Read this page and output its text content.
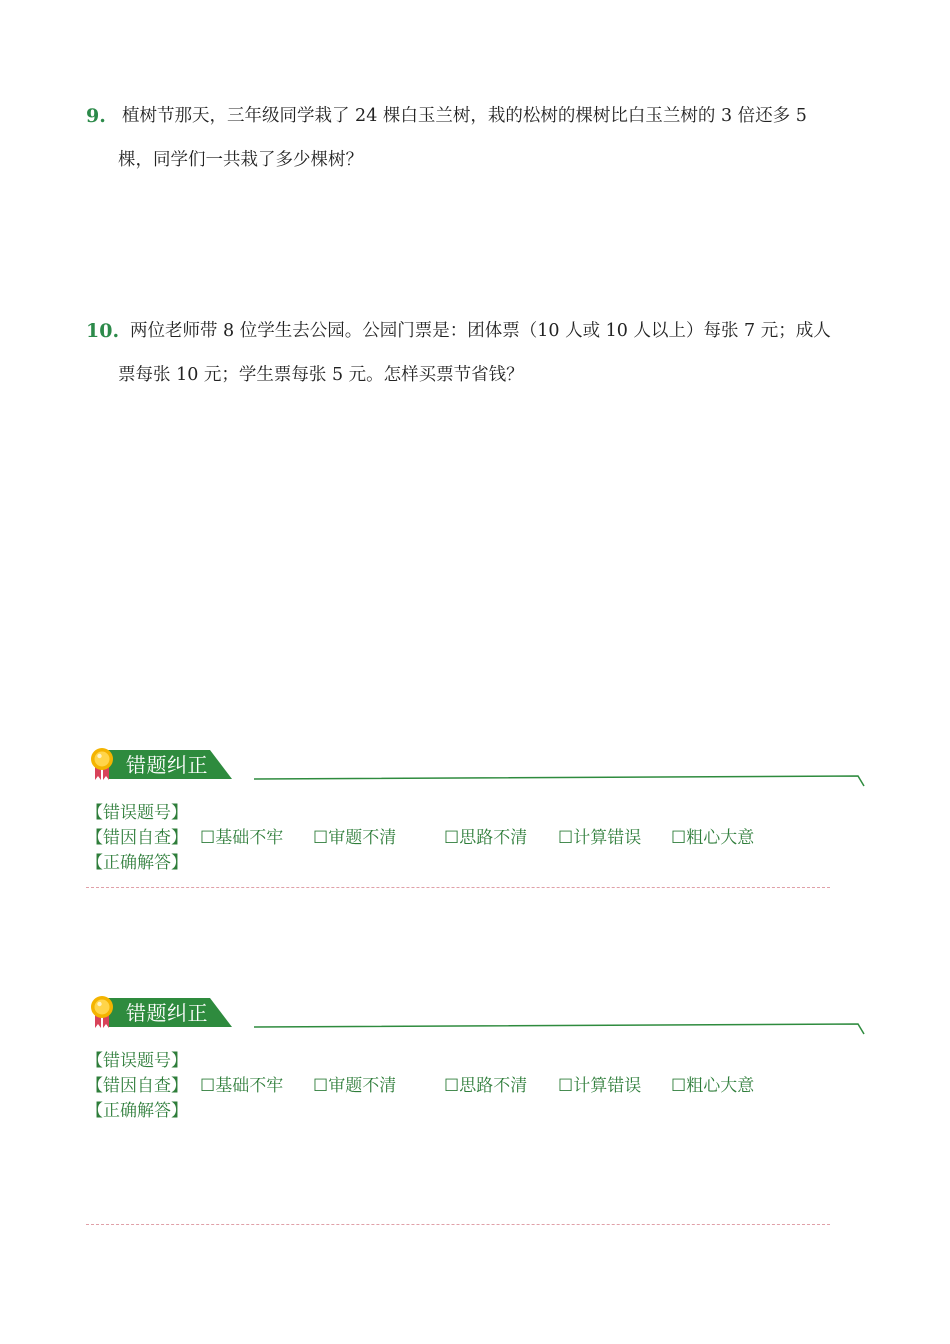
9. 植树节那天，三年级同学栽了 24 棵白玉兰树，栽的松树的棵树比白玉兰树的 3 倍还多 5
棵，同学们一共栽了多少棵树？
10. 两位老师带 8 位学生去公园。公园门票是：团体票（10 人或 10 人以上）每张 7 元；成人
票每张 10 元；学生票每张 5 元。怎样买票节省钱？
错题纠正
【错误题号】
【错因自查】 ☐基础不牢 ☐审题不清	☐思路不清 ☐计算错误 ☐粗心大意
【正确解答】
错题纠正
【错误题号】
【错因自查】 ☐基础不牢 ☐审题不清	☐思路不清 ☐计算错误 ☐粗心大意
【正确解答】
